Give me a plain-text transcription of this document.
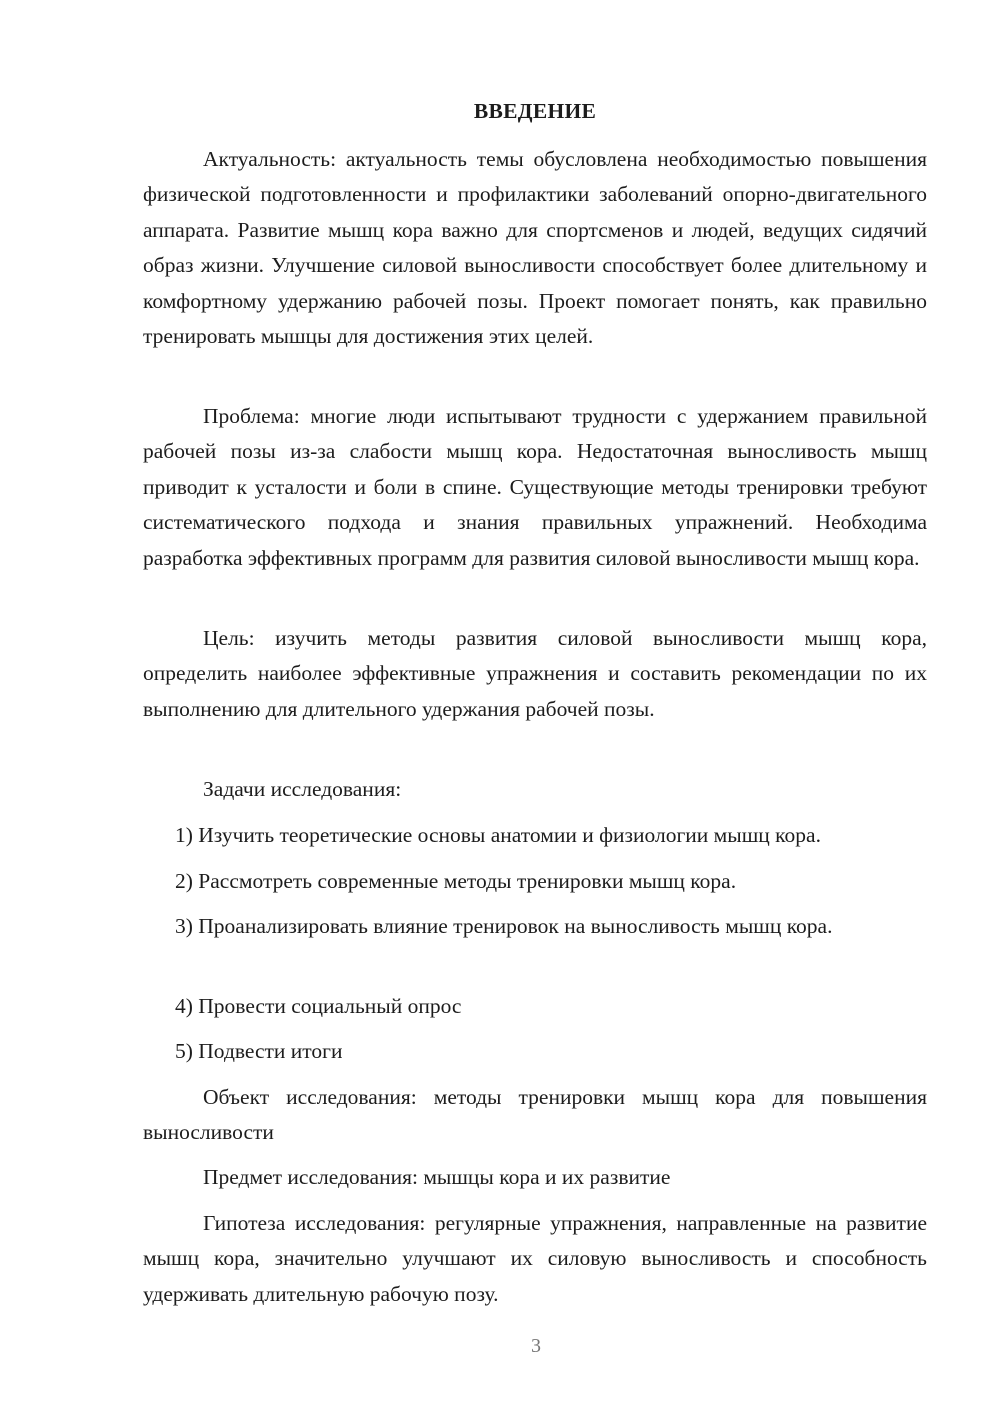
ВВЕДЕНИЕ

Актуальность: актуальность темы обусловлена необходимостью повышения физической подготовленности и профилактики заболеваний опорно-двигательного аппарата. Развитие мышц кора важно для спортсменов и людей, ведущих сидячий образ жизни. Улучшение силовой выносливости способствует более длительному и комфортному удержанию рабочей позы. Проект помогает понять, как правильно тренировать мышцы для достижения этих целей.

Проблема: многие люди испытывают трудности с удержанием правильной рабочей позы из-за слабости мышц кора. Недостаточная выносливость мышц приводит к усталости и боли в спине. Существующие методы тренировки требуют систематического подхода и знания правильных упражнений. Необходима разработка эффективных программ для развития силовой выносливости мышц кора.

Цель: изучить методы развития силовой выносливости мышц кора, определить наиболее эффективные упражнения и составить рекомендации по их выполнению для длительного удержания рабочей позы.

Задачи исследования:

1) Изучить теоретические основы анатомии и физиологии мышц кора.

2) Рассмотреть современные методы тренировки мышц кора.

3) Проанализировать влияние тренировок на выносливость мышц кора.

4) Провести социальный опрос

5) Подвести итоги

Объект исследования: методы тренировки мышц кора для повышения выносливости

Предмет исследования: мышцы кора и их развитие

Гипотеза исследования: регулярные упражнения, направленные на развитие мышц кора, значительно улучшают их силовую выносливость и способность удерживать длительную рабочую позу.

3
